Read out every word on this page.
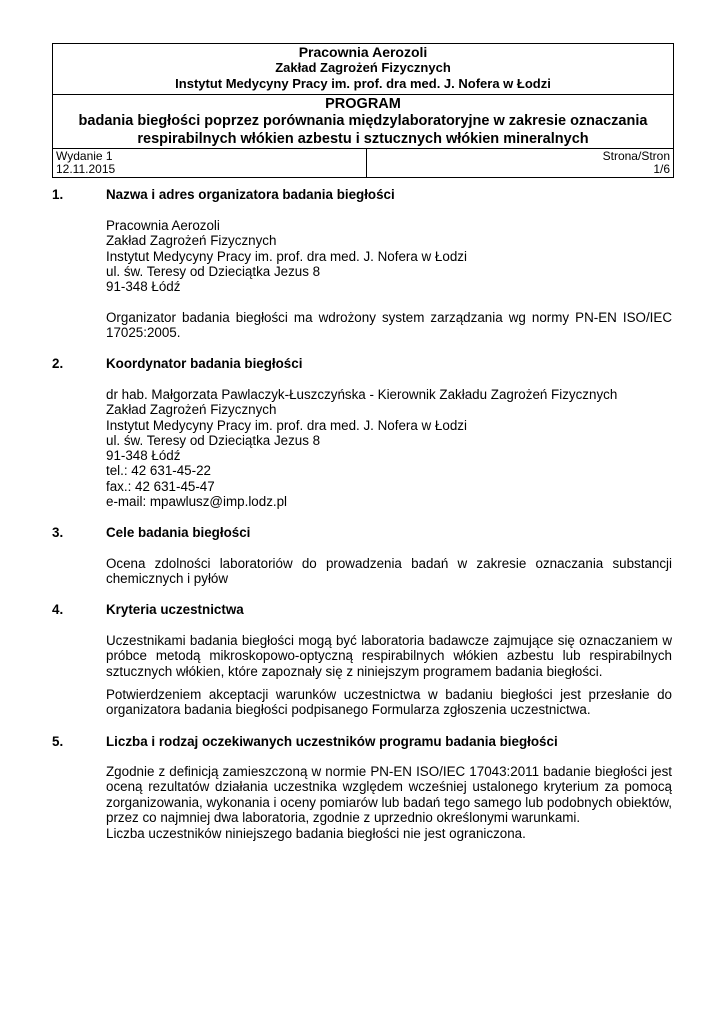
Pracownia Aerozoli
Zakład Zagrożeń Fizycznych
Instytut Medycyny Pracy im. prof. dra med. J. Nofera w Łodzi
PROGRAM
badania biegłości poprzez porównania międzylaboratoryjne w zakresie oznaczania
respirabilnych włókien azbestu i sztucznych włókien mineralnych
Wydanie 1
12.11.2015
Strona/Stron
1/6
1.	Nazwa i adres organizatora badania biegłości
Pracownia Aerozoli
Zakład Zagrożeń Fizycznych
Instytut Medycyny Pracy im. prof. dra med. J. Nofera w Łodzi
ul. św. Teresy od Dzieciątka Jezus 8
91-348 Łódź
Organizator badania biegłości ma wdrożony system zarządzania wg normy PN-EN ISO/IEC 17025:2005.
2.	Koordynator badania biegłości
dr hab. Małgorzata Pawlaczyk-Łuszczyńska - Kierownik Zakładu Zagrożeń Fizycznych
Zakład Zagrożeń Fizycznych
Instytut Medycyny Pracy im. prof. dra med. J. Nofera w Łodzi
ul. św. Teresy od Dzieciątka Jezus 8
91-348 Łódź
tel.: 42 631-45-22
fax.: 42 631-45-47
e-mail: mpawlusz@imp.lodz.pl
3.	Cele badania biegłości
Ocena zdolności laboratoriów do prowadzenia badań w zakresie oznaczania substancji chemicznych i pyłów
4.	Kryteria uczestnictwa
Uczestnikami badania biegłości mogą być laboratoria badawcze zajmujące się oznaczaniem w próbce metodą mikroskopowo-optyczną respirabilnych włókien azbestu lub respirabilnych sztucznych włókien, które zapoznały się z niniejszym programem badania biegłości.
Potwierdzeniem akceptacji warunków uczestnictwa w badaniu biegłości jest przesłanie do organizatora badania biegłości podpisanego Formularza zgłoszenia uczestnictwa.
5.	Liczba i rodzaj oczekiwanych uczestników programu badania biegłości
Zgodnie z definicją zamieszczoną w normie PN-EN ISO/IEC 17043:2011 badanie biegłości jest oceną rezultatów działania uczestnika względem wcześniej ustalonego kryterium za pomocą zorganizowania, wykonania i oceny pomiarów lub badań tego samego lub podobnych obiektów, przez co najmniej dwa laboratoria, zgodnie z uprzednio określonymi warunkami.
Liczba uczestników niniejszego badania biegłości nie jest ograniczona.
